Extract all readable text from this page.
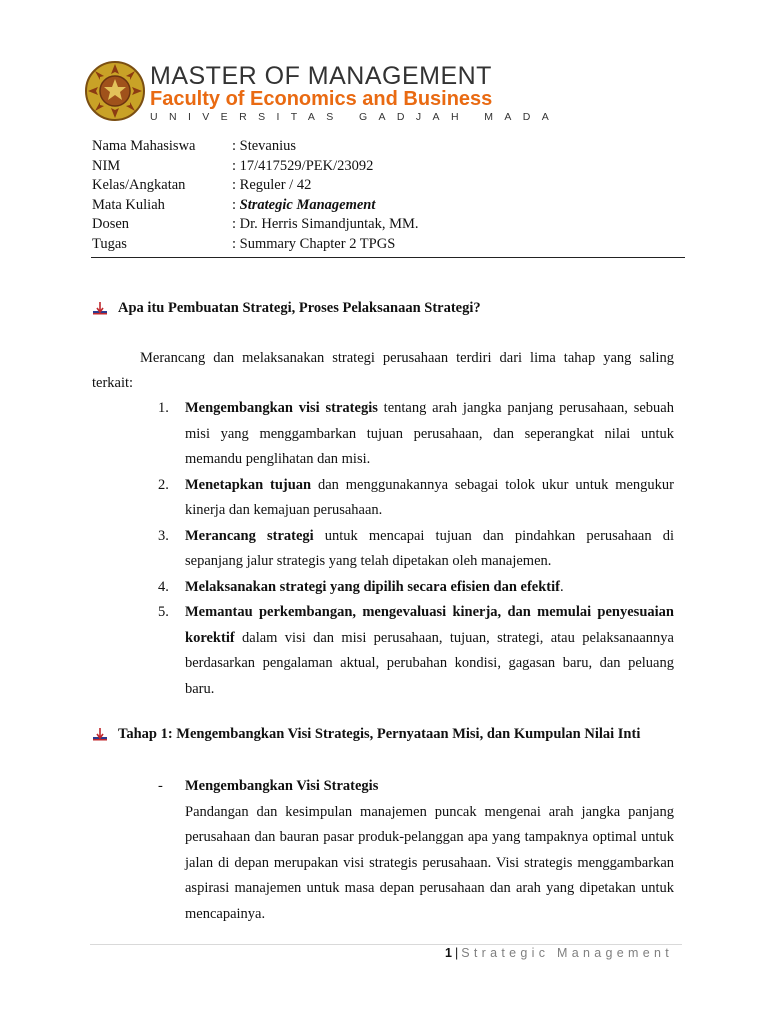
MASTER OF MANAGEMENT
Faculty of Economics and Business
UNIVERSITAS GADJAH MADA
Nama Mahasiswa	: Stevanius
NIM	: 17/417529/PEK/23092
Kelas/Angkatan	: Reguler / 42
Mata Kuliah	: Strategic Management
Dosen	: Dr. Herris Simandjuntak, MM.
Tugas	: Summary Chapter 2 TPGS
Apa itu Pembuatan Strategi, Proses Pelaksanaan Strategi?
Merancang dan melaksanakan strategi perusahaan terdiri dari lima tahap yang saling terkait:
1.	Mengembangkan visi strategis tentang arah jangka panjang perusahaan, sebuah misi yang menggambarkan tujuan perusahaan, dan seperangkat nilai untuk memandu penglihatan dan misi.
2.	Menetapkan tujuan dan menggunakannya sebagai tolok ukur untuk mengukur kinerja dan kemajuan perusahaan.
3.	Merancang strategi untuk mencapai tujuan dan pindahkan perusahaan di sepanjang jalur strategis yang telah dipetakan oleh manajemen.
4.	Melaksanakan strategi yang dipilih secara efisien dan efektif.
5.	Memantau perkembangan, mengevaluasi kinerja, dan memulai penyesuaian korektif dalam visi dan misi perusahaan, tujuan, strategi, atau pelaksanaannya berdasarkan pengalaman aktual, perubahan kondisi, gagasan baru, dan peluang baru.
Tahap 1: Mengembangkan Visi Strategis, Pernyataan Misi, dan Kumpulan Nilai Inti
-	Mengembangkan Visi Strategis
Pandangan dan kesimpulan manajemen puncak mengenai arah jangka panjang perusahaan dan bauran pasar produk-pelanggan apa yang tampaknya optimal untuk jalan di depan merupakan visi strategis perusahaan. Visi strategis menggambarkan aspirasi manajemen untuk masa depan perusahaan dan arah yang dipetakan untuk mencapainya.
1 | Strategic Management
